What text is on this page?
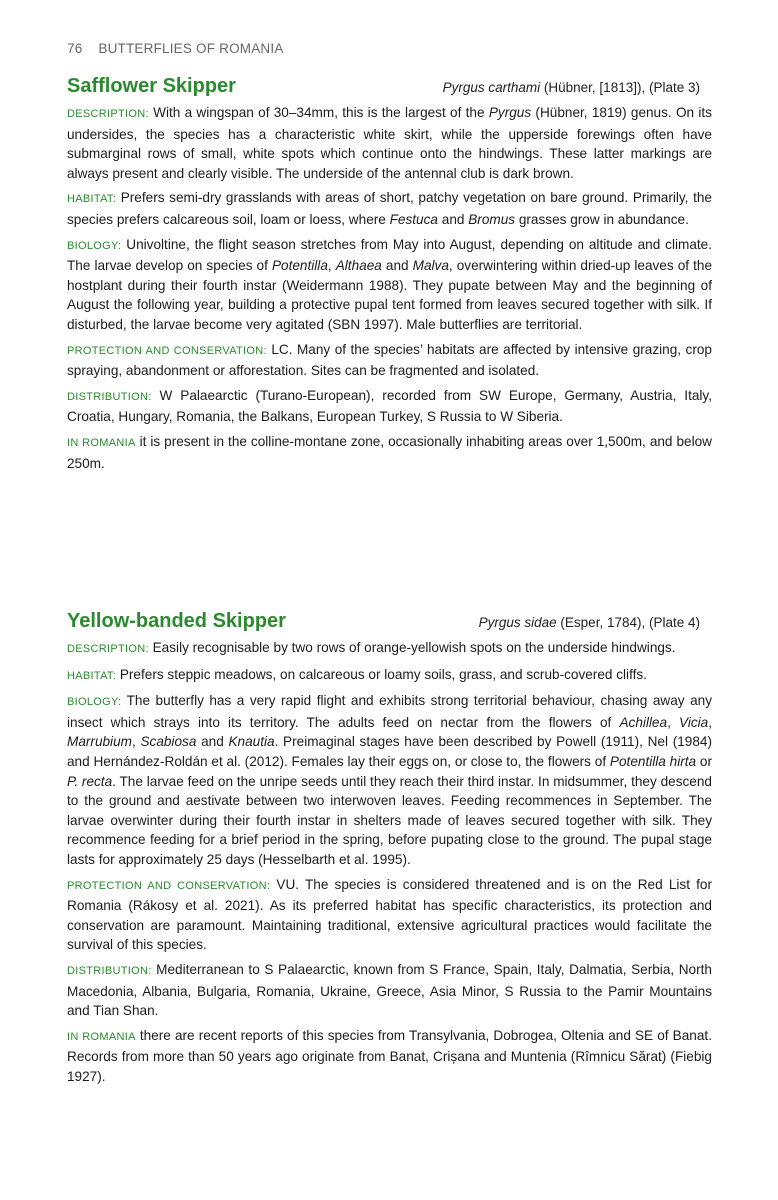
76 BUTTERFLIES OF ROMANIA
Safflower Skipper	Pyrgus carthami (Hübner, [1813]), (Plate 3)

DESCRIPTION: With a wingspan of 30–34mm, this is the largest of the Pyrgus (Hübner, 1819) genus. On its undersides, the species has a characteristic white skirt, while the upperside forewings often have submarginal rows of small, white spots which continue onto the hindwings. These latter markings are always present and clearly visible. The underside of the antennal club is dark brown.

HABITAT: Prefers semi-dry grasslands with areas of short, patchy vegetation on bare ground. Primarily, the species prefers calcareous soil, loam or loess, where Festuca and Bromus grasses grow in abundance.

BIOLOGY: Univoltine, the flight season stretches from May into August, depending on altitude and climate. The larvae develop on species of Potentilla, Althaea and Malva, overwintering within dried-up leaves of the hostplant during their fourth instar (Weidermann 1988). They pupate between May and the beginning of August the following year, building a protective pupal tent formed from leaves secured together with silk. If disturbed, the larvae become very agitated (SBN 1997). Male butterflies are territorial.

PROTECTION AND CONSERVATION: LC. Many of the species’ habitats are affected by intensive grazing, crop spraying, abandonment or afforestation. Sites can be fragmented and isolated.

DISTRIBUTION: W Palaearctic (Turano-European), recorded from SW Europe, Germany, Austria, Italy, Croatia, Hungary, Romania, the Balkans, European Turkey, S Russia to W Siberia.

IN ROMANIA it is present in the colline-montane zone, occasionally inhabiting areas over 1,500m, and below 250m.

Yellow-banded Skipper	Pyrgus sidae (Esper, 1784), (Plate 4)

DESCRIPTION: Easily recognisable by two rows of orange-yellowish spots on the underside hindwings.

HABITAT: Prefers steppic meadows, on calcareous or loamy soils, grass, and scrub-covered cliffs.

BIOLOGY: The butterfly has a very rapid flight and exhibits strong territorial behaviour, chasing away any insect which strays into its territory. The adults feed on nectar from the flowers of Achillea, Vicia, Marrubium, Scabiosa and Knautia. Preimaginal stages have been described by Powell (1911), Nel (1984) and Hernández-Roldán et al. (2012). Females lay their eggs on, or close to, the flowers of Potentilla hirta or P. recta. The larvae feed on the unripe seeds until they reach their third instar. In midsummer, they descend to the ground and aestivate between two interwoven leaves. Feeding recommences in September. The larvae overwinter during their fourth instar in shelters made of leaves secured together with silk. They recommence feeding for a brief period in the spring, before pupating close to the ground. The pupal stage lasts for approximately 25 days (Hesselbarth et al. 1995).

PROTECTION AND CONSERVATION: VU. The species is considered threatened and is on the Red List for Romania (Rákosy et al. 2021). As its preferred habitat has specific characteristics, its protection and conservation are paramount. Maintaining traditional, extensive agricultural practices would facilitate the survival of this species.

DISTRIBUTION: Mediterranean to S Palaearctic, known from S France, Spain, Italy, Dalmatia, Serbia, North Macedonia, Albania, Bulgaria, Romania, Ukraine, Greece, Asia Minor, S Russia to the Pamir Mountains and Tian Shan.

IN ROMANIA there are recent reports of this species from Transylvania, Dobrogea, Oltenia and SE of Banat. Records from more than 50 years ago originate from Banat, Crișana and Muntenia (Rîmnicu Sărat) (Fiebig 1927).
